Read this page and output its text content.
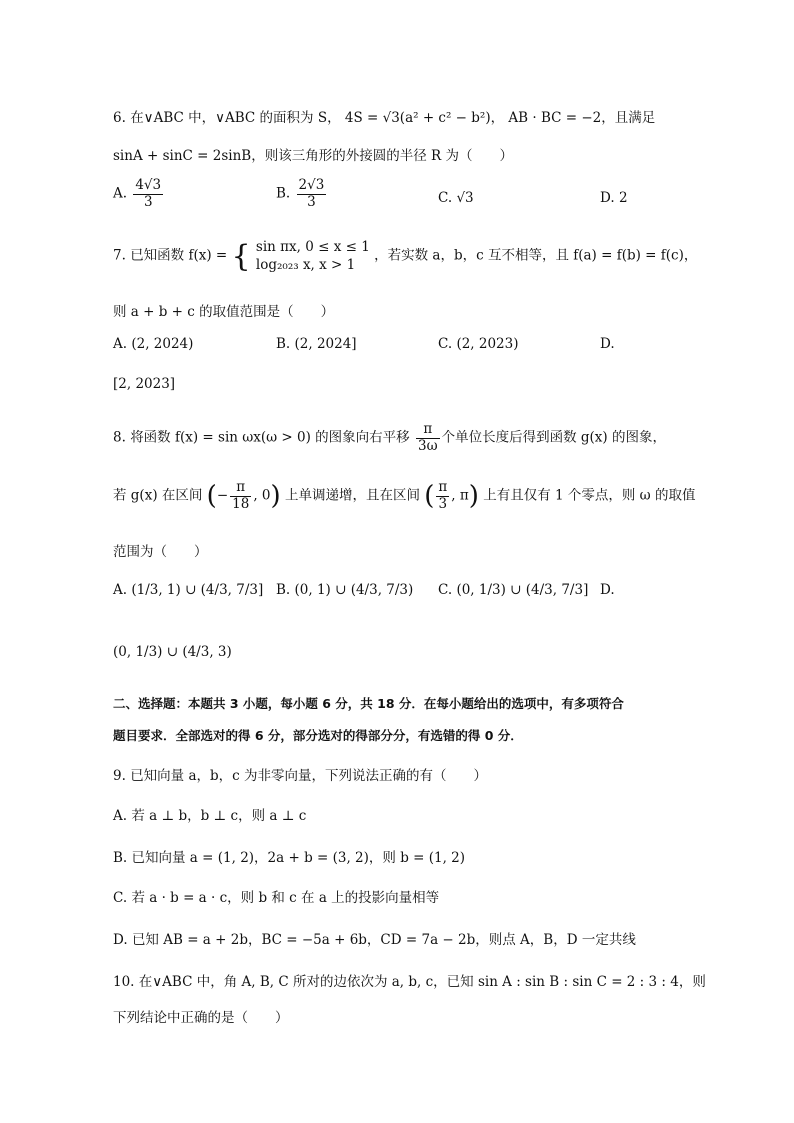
6. 在∨ABC 中，∨ABC 的面积为 S， 4S = √3(a² + c² − b²)， AB · BC = −2，且满足
sinA + sinC = 2sinB，则该三角形的外接圆的半径 R 为（　　）
A. $\frac{4√3}{3}$	B. $\frac{2√3}{3}$	C. √3	D. 2
7. 已知函数 f(x) = { sin πx, 0 ≤ x ≤ 1
log₂₀₂₃ x, x > 1
，若实数 a，b，c 互不相等，且 f(a) = f(b) = f(c)，
则 a + b + c 的取值范围是（　　）
A. (2, 2024)	B. (2, 2024]	C. (2, 2023)	D.
[2, 2023]
8. 将函数 f(x) = sin ωx(ω > 0) 的图象向右平移 $\frac{\pi}{3\omega}$ 个单位长度后得到函数 g(x) 的图象，
若 g(x) 在区间 (− $\frac{\pi}{18}$ , 0) 上单调递增，且在区间 ( $\frac{\pi}{3}$ , π) 上有且仅有 1 个零点，则 ω 的取值
范围为（　　）
A. (1/3, 1) ∪ (4/3, 7/3] B. (0, 1) ∪ (4/3, 7/3) C. (0, 1/3) ∪ (4/3, 7/3] D.
(0, 1/3) ∪ (4/3, 3)
二、选择题：本题共 3 小题，每小题 6 分，共 18 分．在每小题给出的选项中，有多项符合
题目要求．全部选对的得 6 分，部分选对的得部分分，有选错的得 0 分．
9. 已知向量 a，b，c 为非零向量，下列说法正确的有（　　）
A. 若 a ⊥ b，b ⊥ c，则 a ⊥ c
B. 已知向量 a = (1, 2)，2a + b = (3, 2)，则 b = (1, 2)
C. 若 a · b = a · c，则 b 和 c 在 a 上的投影向量相等
D. 已知 AB = a + 2b，BC = −5a + 6b，CD = 7a − 2b，则点 A，B，D 一定共线
10. 在∨ABC 中，角 A, B, C 所对的边依次为 a, b, c，已知 sin A : sin B : sin C = 2 : 3 : 4，则
下列结论中正确的是（　　）
